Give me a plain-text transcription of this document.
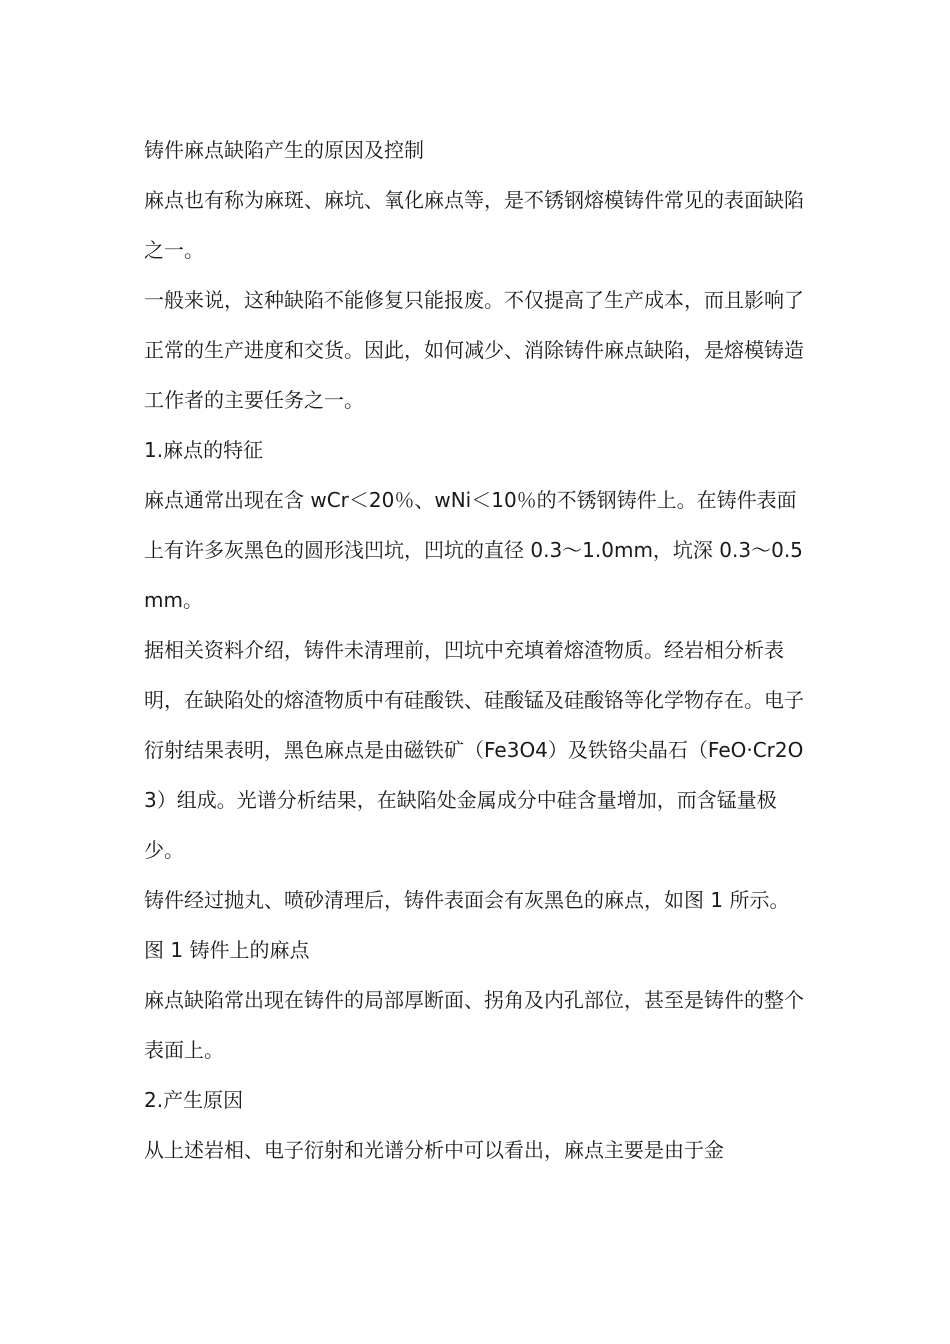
铸件麻点缺陷产生的原因及控制

麻点也有称为麻斑、麻坑、氧化麻点等，是不锈钢熔模铸件常见的表面缺陷之一。

一般来说，这种缺陷不能修复只能报废。不仅提高了生产成本，而且影响了正常的生产进度和交货。因此，如何减少、消除铸件麻点缺陷，是熔模铸造工作者的主要任务之一。

1.麻点的特征

麻点通常出现在含 wCr＜20％、wNi＜10％的不锈钢铸件上。在铸件表面上有许多灰黑色的圆形浅凹坑，凹坑的直径 0.3～1.0mm，坑深 0.3～0.5mm。

据相关资料介绍，铸件未清理前，凹坑中充填着熔渣物质。经岩相分析表明，在缺陷处的熔渣物质中有硅酸铁、硅酸锰及硅酸铬等化学物存在。电子衍射结果表明，黑色麻点是由磁铁矿（Fe3O4）及铁铬尖晶石（FeO·Cr2O3）组成。光谱分析结果，在缺陷处金属成分中硅含量增加，而含锰量极少。

铸件经过抛丸、喷砂清理后，铸件表面会有灰黑色的麻点，如图 1 所示。

图 1 铸件上的麻点

麻点缺陷常出现在铸件的局部厚断面、拐角及内孔部位，甚至是铸件的整个表面上。

2.产生原因

从上述岩相、电子衍射和光谱分析中可以看出，麻点主要是由于金
